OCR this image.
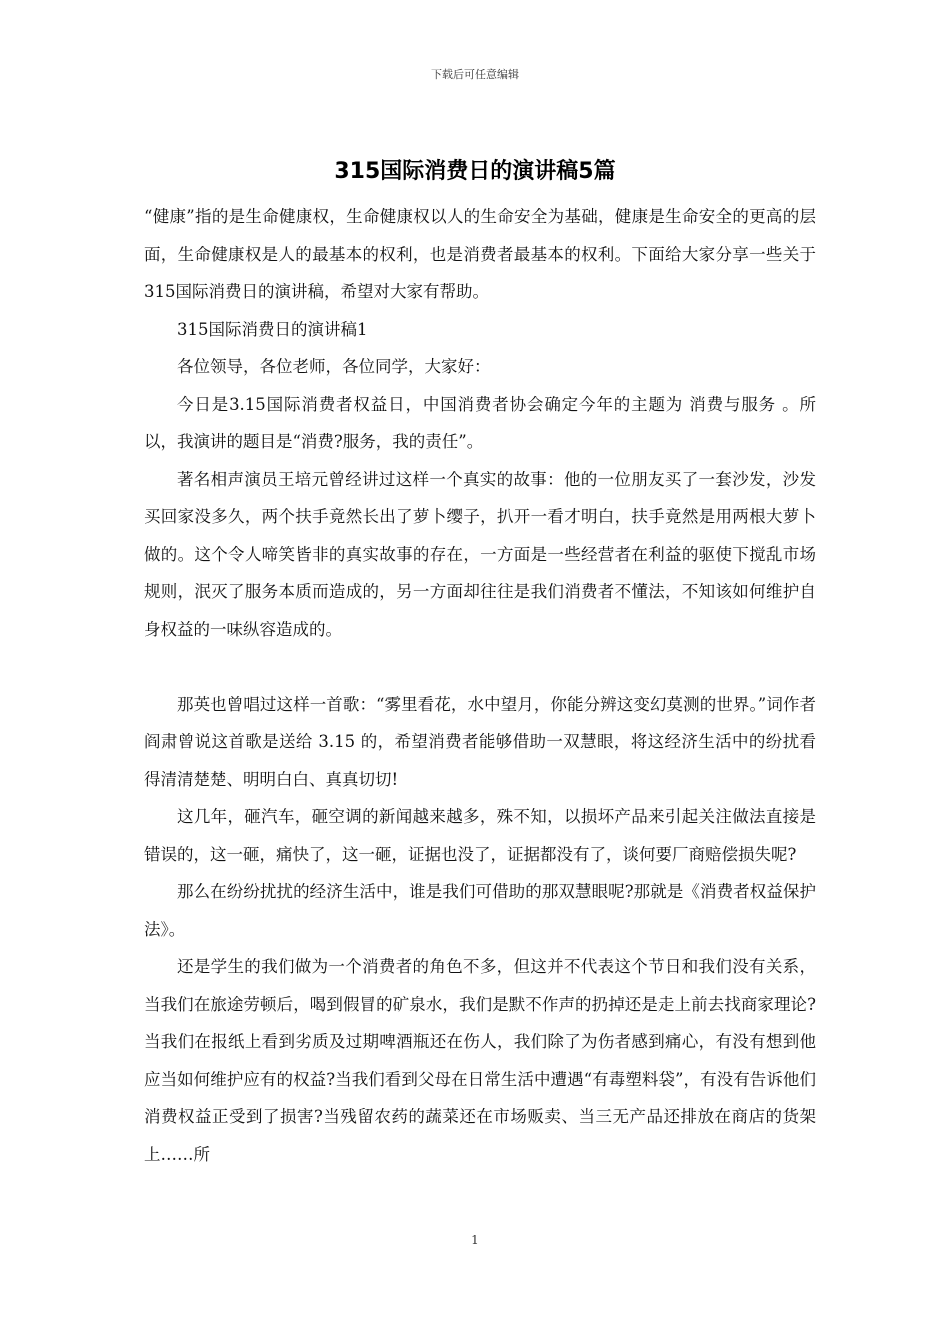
下载后可任意编辑
315国际消费日的演讲稿5篇

“健康”指的是生命健康权，生命健康权以人的生命安全为基础，健康是生命安全的更高的层面，生命健康权是人的最基本的权利，也是消费者最基本的权利。下面给大家分享一些关于315国际消费日的演讲稿，希望对大家有帮助。

315国际消费日的演讲稿1

各位领导，各位老师，各位同学，大家好：

今日是3.15国际消费者权益日，中国消费者协会确定今年的主题为 消费与服务 。所以，我演讲的题目是“消费?服务，我的责任”。

著名相声演员王培元曾经讲过这样一个真实的故事：他的一位朋友买了一套沙发，沙发买回家没多久，两个扶手竟然长出了萝卜缨子，扒开一看才明白，扶手竟然是用两根大萝卜做的。这个令人啼笑皆非的真实故事的存在，一方面是一些经营者在利益的驱使下搅乱市场规则，泯灭了服务本质而造成的，另一方面却往往是我们消费者不懂法，不知该如何维护自身权益的一味纵容造成的。

那英也曾唱过这样一首歌：“雾里看花，水中望月，你能分辨这变幻莫测的世界。”词作者阎肃曾说这首歌是送给 3.15 的，希望消费者能够借助一双慧眼，将这经济生活中的纷扰看得清清楚楚、明明白白、真真切切!

这几年，砸汽车，砸空调的新闻越来越多，殊不知，以损坏产品来引起关注做法直接是错误的，这一砸，痛快了，这一砸，证据也没了，证据都没有了，谈何要厂商赔偿损失呢?

那么在纷纷扰扰的经济生活中，谁是我们可借助的那双慧眼呢?那就是《消费者权益保护法》。

还是学生的我们做为一个消费者的角色不多，但这并不代表这个节日和我们没有关系，当我们在旅途劳顿后，喝到假冒的矿泉水，我们是默不作声的扔掉还是走上前去找商家理论?当我们在报纸上看到劣质及过期啤酒瓶还在伤人，我们除了为伤者感到痛心，有没有想到他应当如何维护应有的权益?当我们看到父母在日常生活中遭遇“有毒塑料袋”，有没有告诉他们消费权益正受到了损害?当残留农药的蔬菜还在市场贩卖、当三无产品还排放在商店的货架上……所

1
